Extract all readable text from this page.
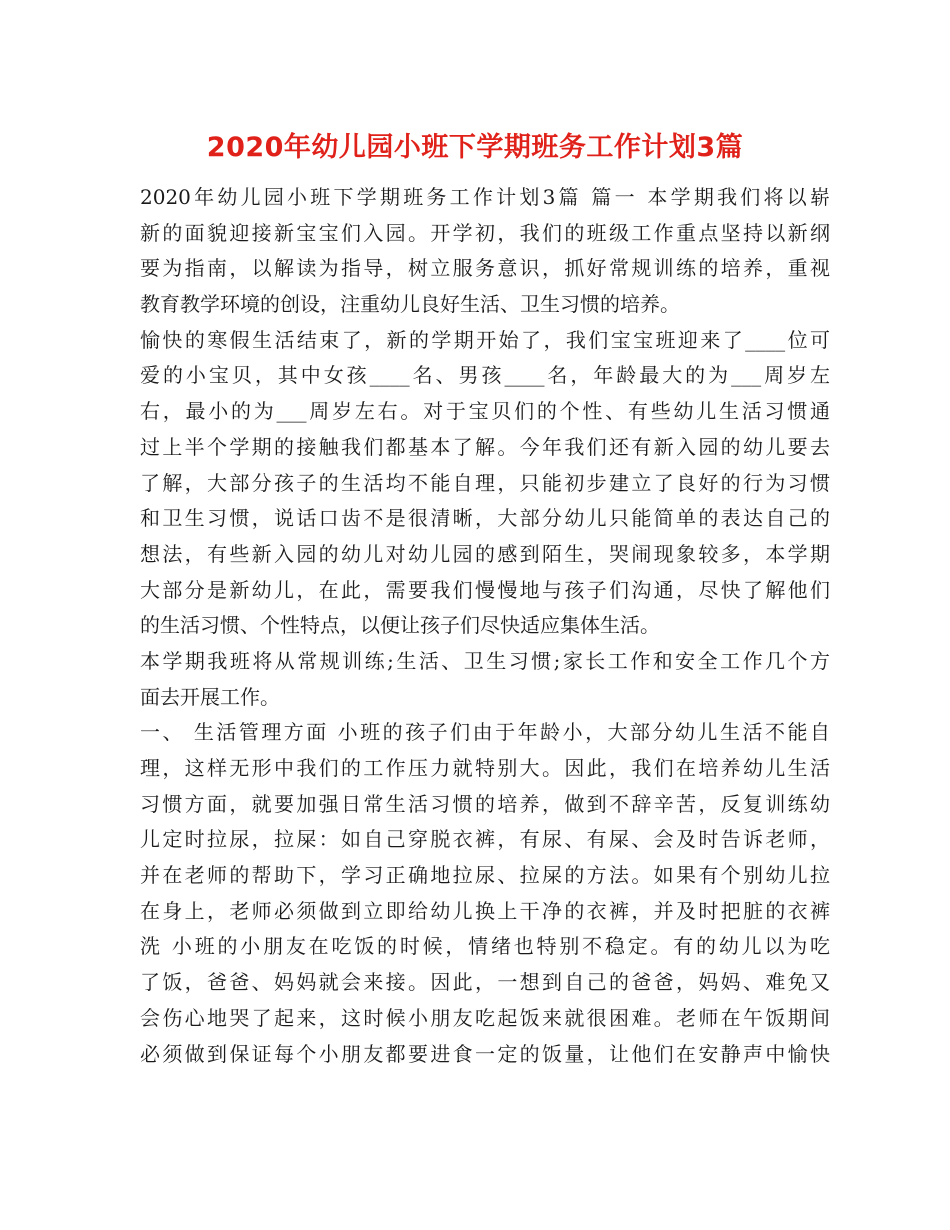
2020年幼儿园小班下学期班务工作计划3篇
2020年幼儿园小班下学期班务工作计划3篇 篇一 本学期我们将以崭
新的面貌迎接新宝宝们入园。开学初，我们的班级工作重点坚持以新纲
要为指南，以解读为指导，树立服务意识，抓好常规训练的培养，重视
教育教学环境的创设，注重幼儿良好生活、卫生习惯的培养。
愉快的寒假生活结束了，新的学期开始了，我们宝宝班迎来了____位可
爱的小宝贝，其中女孩____名、男孩____名，年龄最大的为___周岁左
右，最小的为___周岁左右。对于宝贝们的个性、有些幼儿生活习惯通
过上半个学期的接触我们都基本了解。今年我们还有新入园的幼儿要去
了解，大部分孩子的生活均不能自理，只能初步建立了良好的行为习惯
和卫生习惯，说话口齿不是很清晰，大部分幼儿只能简单的表达自己的
想法，有些新入园的幼儿对幼儿园的感到陌生，哭闹现象较多，本学期
大部分是新幼儿，在此，需要我们慢慢地与孩子们沟通，尽快了解他们
的生活习惯、个性特点，以便让孩子们尽快适应集体生活。
本学期我班将从常规训练;生活、卫生习惯;家长工作和安全工作几个方
面去开展工作。
一、 生活管理方面 小班的孩子们由于年龄小，大部分幼儿生活不能自
理，这样无形中我们的工作压力就特别大。因此，我们在培养幼儿生活
习惯方面，就要加强日常生活习惯的培养，做到不辞辛苦，反复训练幼
儿定时拉尿，拉屎：如自己穿脱衣裤，有尿、有屎、会及时告诉老师，
并在老师的帮助下，学习正确地拉尿、拉屎的方法。如果有个别幼儿拉
在身上，老师必须做到立即给幼儿换上干净的衣裤，并及时把脏的衣裤
洗 小班的小朋友在吃饭的时候，情绪也特别不稳定。有的幼儿以为吃
了饭，爸爸、妈妈就会来接。因此，一想到自己的爸爸，妈妈、难免又
会伤心地哭了起来，这时候小朋友吃起饭来就很困难。老师在午饭期间
必须做到保证每个小朋友都要进食一定的饭量，让他们在安静声中愉快
